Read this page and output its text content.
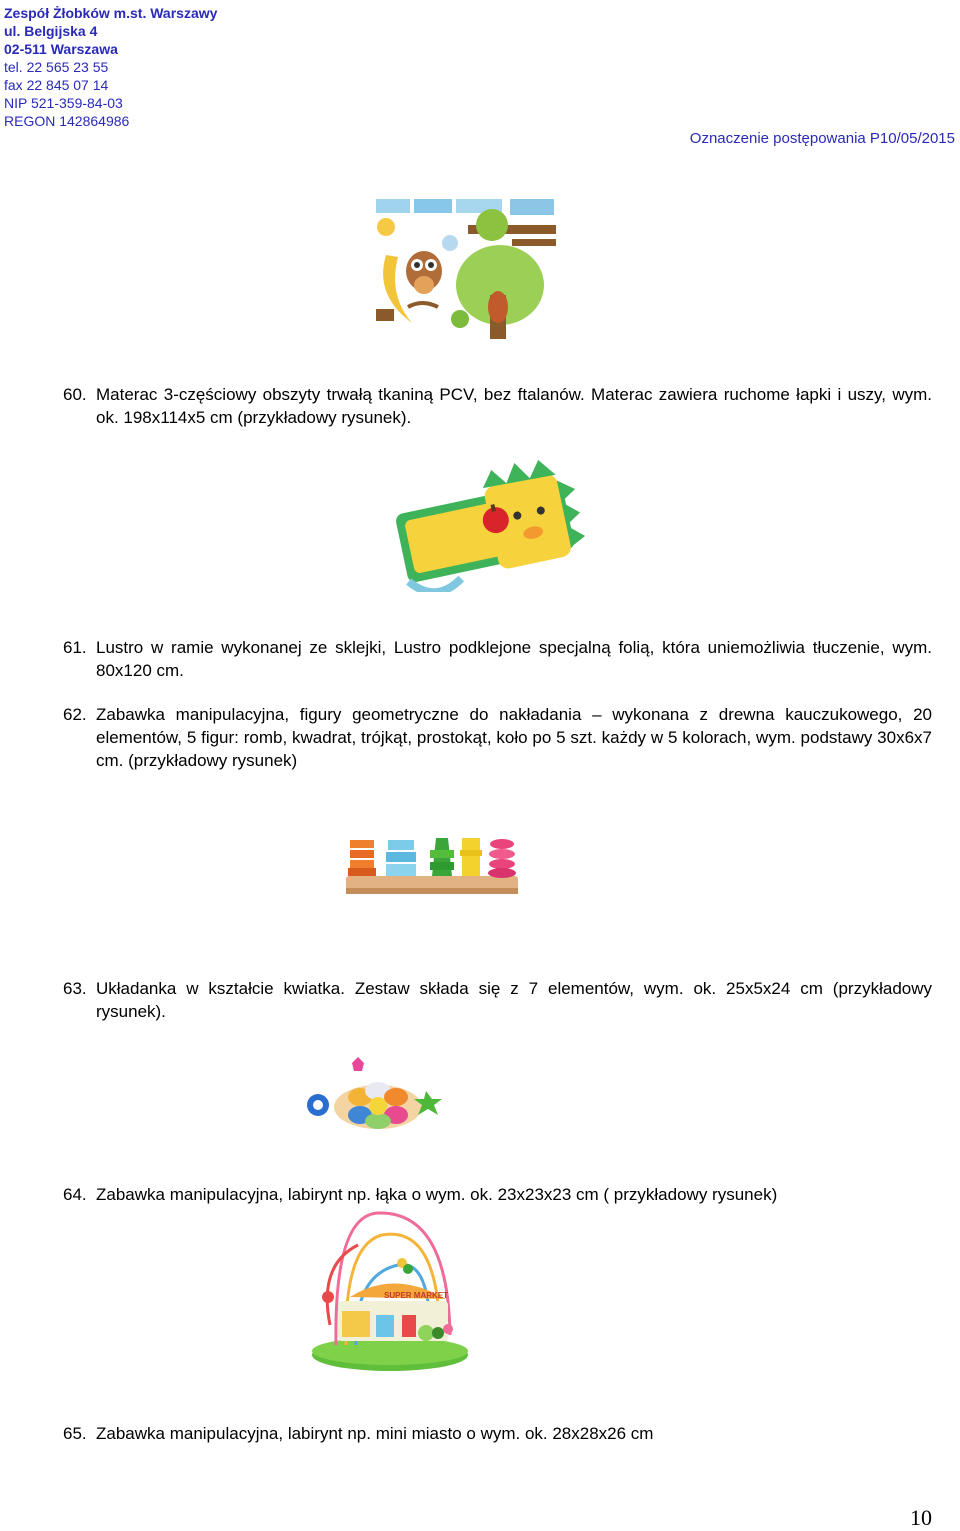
Zespół Żłobków m.st. Warszawy
ul. Belgijska 4
02-511 Warszawa
tel. 22 565 23 55
fax 22 845 07 14
NIP 521-359-84-03
REGON 142864986
Oznaczenie postępowania P10/05/2015
60. Materac 3-częściowy obszyty trwałą tkaniną PCV, bez ftalanów. Materac zawiera ruchome łapki i uszy, wym. ok. 198x114x5 cm (przykładowy rysunek).
61. Lustro w ramie wykonanej ze sklejki, Lustro podklejone specjalną folią, która uniemożliwia tłuczenie, wym. 80x120 cm.
62. Zabawka manipulacyjna, figury geometryczne do nakładania – wykonana z drewna kauczukowego, 20 elementów, 5 figur: romb, kwadrat, trójkąt, prostokąt, koło po 5 szt. każdy w 5 kolorach, wym. podstawy 30x6x7 cm. (przykładowy rysunek)
63. Układanka w kształcie kwiatka. Zestaw składa się z 7 elementów, wym. ok. 25x5x24 cm (przykładowy rysunek).
64. Zabawka manipulacyjna, labirynt np. łąka o wym. ok. 23x23x23 cm ( przykładowy rysunek)
SUPER MARKET
65. Zabawka manipulacyjna, labirynt np. mini miasto o wym. ok. 28x28x26 cm
10
